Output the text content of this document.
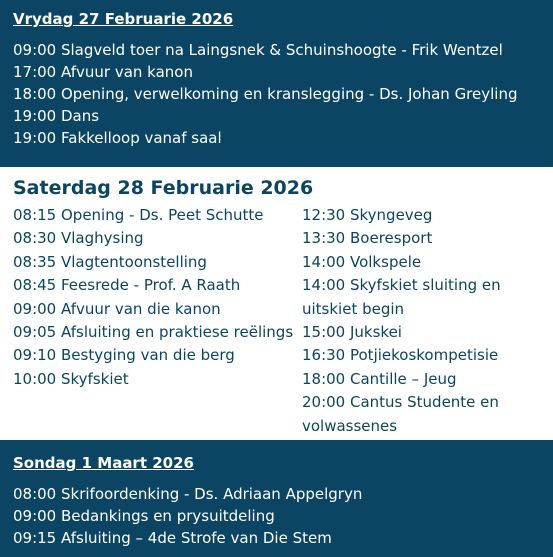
Vrydag 27 Februarie 2026
09:00 Slagveld toer na Laingsnek & Schuinshoogte - Frik Wentzel
17:00 Afvuur van kanon
18:00 Opening, verwelkoming en kranslegging - Ds. Johan Greyling
19:00 Dans
19:00 Fakkelloop vanaf saal
Saterdag 28 Februarie 2026
08:15 Opening - Ds. Peet Schutte
08:30 Vlaghysing
08:35 Vlagtentoonstelling
08:45 Feesrede - Prof. A Raath
09:00 Afvuur van die kanon
09:05 Afsluiting en praktiese reëlings
09:10 Bestyging van die berg
10:00 Skyfskiet
12:30 Skyngeveg
13:30 Boeresport
14:00 Volkspele
14:00 Skyfskiet sluiting en uitskiet begin
15:00 Jukskei
16:30 Potjiekoskompetisie
18:00 Cantille – Jeug
20:00 Cantus Studente en volwassenes
Sondag 1 Maart 2026
08:00 Skrifoordenking - Ds. Adriaan Appelgryn
09:00 Bedankings en prysuitdeling
09:15 Afsluiting – 4de Strofe van Die Stem
